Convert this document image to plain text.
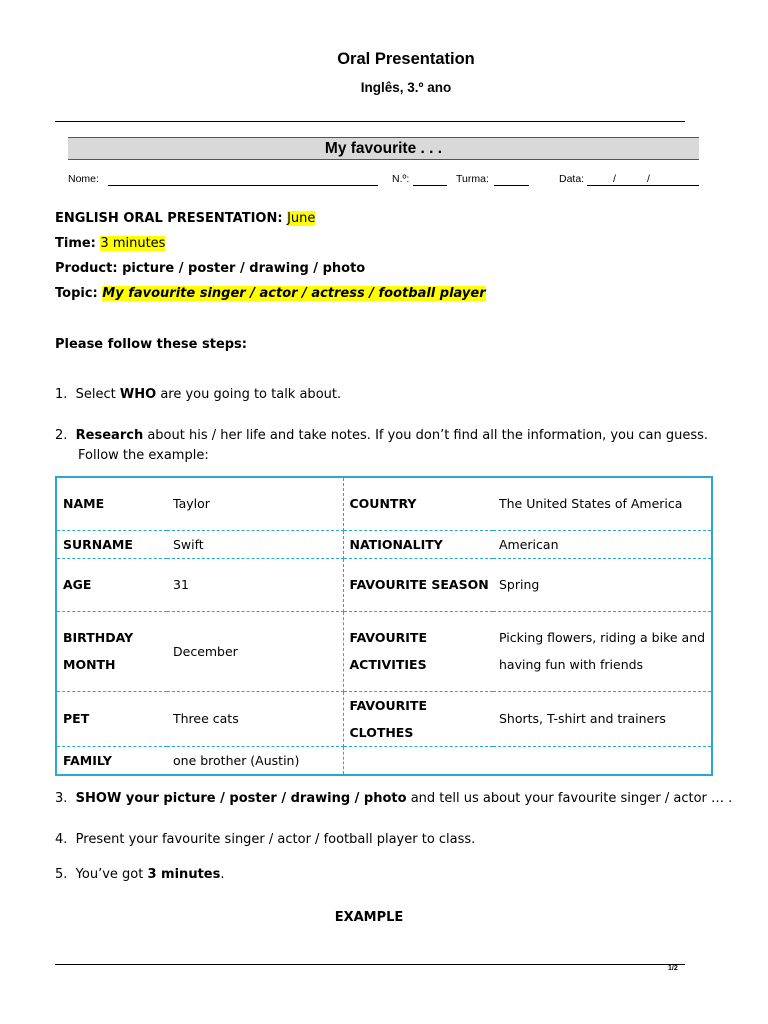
Oral Presentation
Inglês, 3.º ano
My favourite . . .
Nome:	N.º:	Turma:	Data:	/	/
ENGLISH ORAL PRESENTATION: June
Time: 3 minutes
Product: picture / poster / drawing / photo
Topic: My favourite singer / actor / actress / football player
Please follow these steps:
1. Select WHO are you going to talk about.
2. Research about his / her life and take notes. If you don’t find all the information, you can guess.
Follow the example:
NAME	Taylor	COUNTRY	The United States of America
SURNAME	Swift	NATIONALITY	American
AGE	31	FAVOURITE SEASON	Spring
BIRTHDAY MONTH	December	FAVOURITE ACTIVITIES	Picking flowers, riding a bike and having fun with friends
PET	Three cats	FAVOURITE CLOTHES	Shorts, T-shirt and trainers
FAMILY	one brother (Austin)		
3. SHOW your picture / poster / drawing / photo and tell us about your favourite singer / actor … .
4. Present your favourite singer / actor / football player to class.
5. You’ve got 3 minutes.
EXAMPLE
1/2
